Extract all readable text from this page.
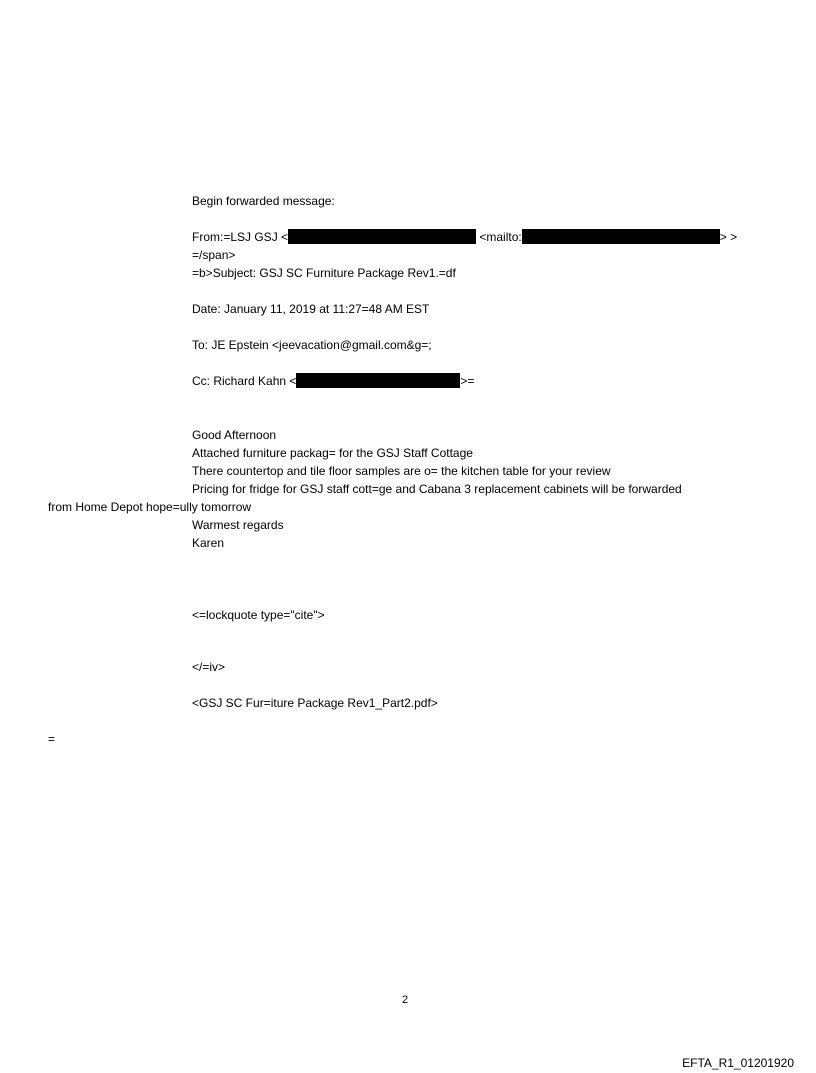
Begin forwarded message:
From:=LSJ GSJ <	<mailto:	> >
=/span>
=b>Subject: GSJ SC Furniture Package Rev1.=df
Date: January 11, 2019 at 11:27=48 AM EST
To: JE Epstein <jeevacation@gmail.com&g=;
Cc: Richard Kahn <	>=
Good Afternoon
Attached furniture packag= for the GSJ Staff Cottage
There countertop and tile floor samples are o= the kitchen table for your review
Pricing for fridge for GSJ staff cott=ge and Cabana 3 replacement cabinets will be forwarded
from Home Depot hope=ully tomorrow
Warmest regards
Karen
<=lockquote type="cite">
</=iv>
<GSJ SC Fur=iture Package Rev1_Part2.pdf>
=
2
EFTA_R1_01201920
